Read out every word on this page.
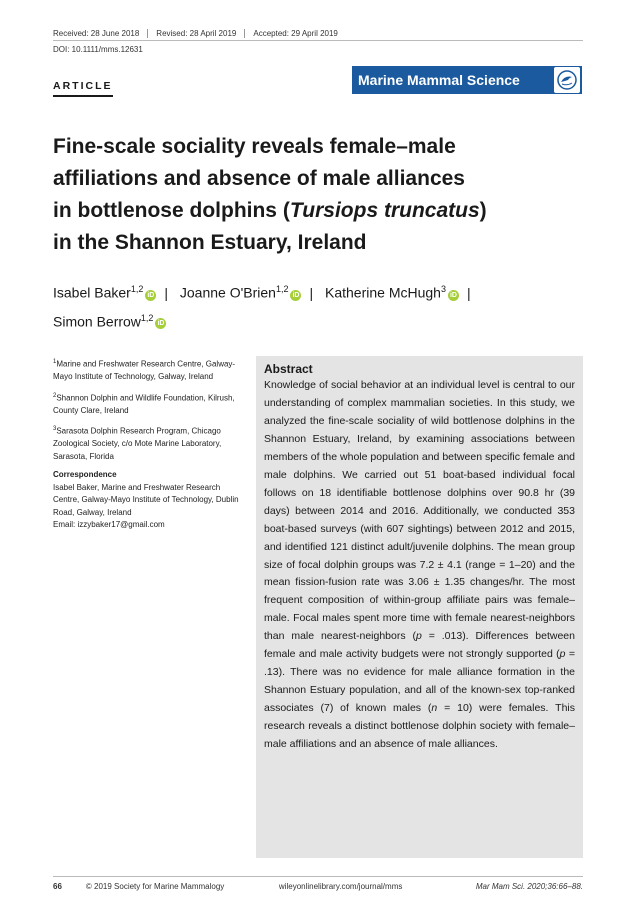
Received: 28 June 2018	Revised: 28 April 2019	Accepted: 29 April 2019
DOI: 10.1111/mms.12631
ARTICLE	Marine Mammal Science
Fine-scale sociality reveals female–male
affiliations and absence of male alliances
in bottlenose dolphins (Tursiops truncatus)
in the Shannon Estuary, Ireland
Isabel Baker$^{1,2}$iD | Joanne O'Brien$^{1,2}$iD | Katherine McHugh$^3$iD |
Simon Berrow$^{1,2}$iD

$^1$Marine and Freshwater Research Centre, Galway-Mayo Institute of Technology, Galway, Ireland

$^2$Shannon Dolphin and Wildlife Foundation, Kilrush, County Clare, Ireland

$^3$Sarasota Dolphin Research Program, Chicago Zoological Society, c/o Mote Marine Laboratory, Sarasota, Florida

Correspondence
Isabel Baker, Marine and Freshwater Research Centre, Galway-Mayo Institute of Technology, Dublin Road, Galway, Ireland
Email: izzybaker17@gmail.com
Abstract
Knowledge of social behavior at an individual level is central to our understanding of complex mammalian societies. In this study, we analyzed the fine-scale sociality of wild bottlenose dolphins in the Shannon Estuary, Ireland, by examining associations between members of the whole population and between specific female and male dolphins. We carried out 51 boat-based individual focal follows on 18 identifiable bottlenose dolphins over 90.8 hr (39 days) between 2014 and 2016. Additionally, we conducted 353 boat-based surveys (with 607 sightings) between 2012 and 2015, and identified 121 distinct adult/juvenile dolphins. The mean group size of focal dolphin groups was 7.2 ± 4.1 (range = 1–20) and the mean fission-fusion rate was 3.06 ± 1.35 changes/hr. The most frequent composition of within-group affiliate pairs was female–male. Focal males spent more time with female nearest-neighbors than male nearest-neighbors (p = .013). Differences between female and male activity budgets were not strongly supported (p = .13). There was no evidence for male alliance formation in the Shannon Estuary population, and all of the known-sex top-ranked associates (7) of known males (n = 10) were females. This research reveals a distinct bottlenose dolphin society with female–male affiliations and an absence of male alliances.
66	© 2019 Society for Marine Mammalogy	wileyonlinelibrary.com/journal/mms	Mar Mam Sci. 2020;36:66–88.
